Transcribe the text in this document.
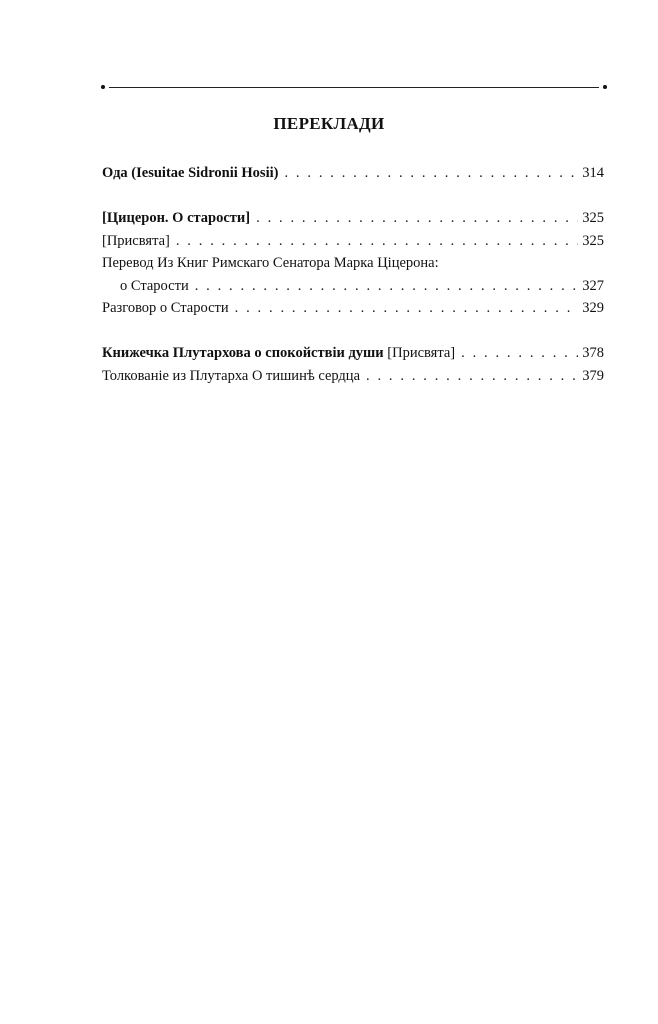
ПЕРЕКЛАДИ
Ода (Iesuitae Sidronii Hosii) . . .	314
[Цицерон. О старости] . . .	325
[Присвята] . . .	325
Перевод Из Книг Римскаго Сенатора Марка Ціцерона:
о Старости . . .	327
Разговор о Старости . . .	329
Книжечка Плутархова о спокойствіи души [Присвята] . . .	378
Толкованіе из Плутарха О тишинѣ сердца . . .	379
